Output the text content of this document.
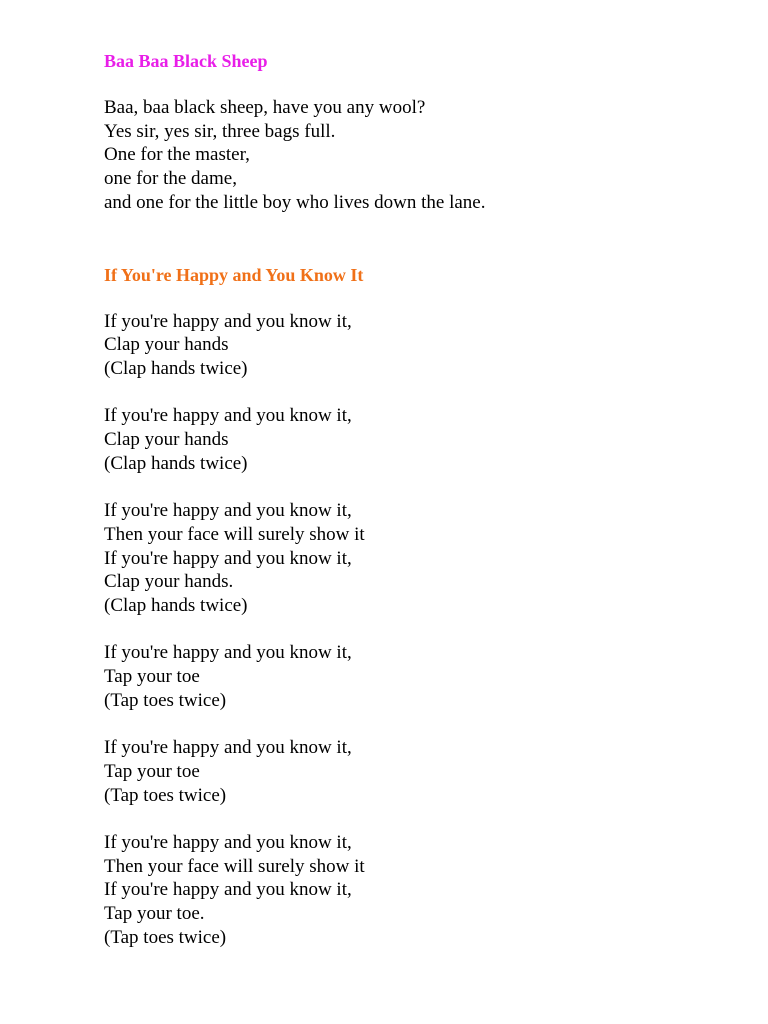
Baa Baa Black Sheep
Baa, baa black sheep, have you any wool?
Yes sir, yes sir, three bags full.
One for the master,
one for the dame,
and one for the little boy who lives down the lane.
If You're Happy and You Know It
If you're happy and you know it,
Clap your hands
(Clap hands twice)
If you're happy and you know it,
Clap your hands
(Clap hands twice)
If you're happy and you know it,
Then your face will surely show it
If you're happy and you know it,
Clap your hands.
(Clap hands twice)
If you're happy and you know it,
Tap your toe
(Tap toes twice)
If you're happy and you know it,
Tap your toe
(Tap toes twice)
If you're happy and you know it,
Then your face will surely show it
If you're happy and you know it,
Tap your toe.
(Tap toes twice)
